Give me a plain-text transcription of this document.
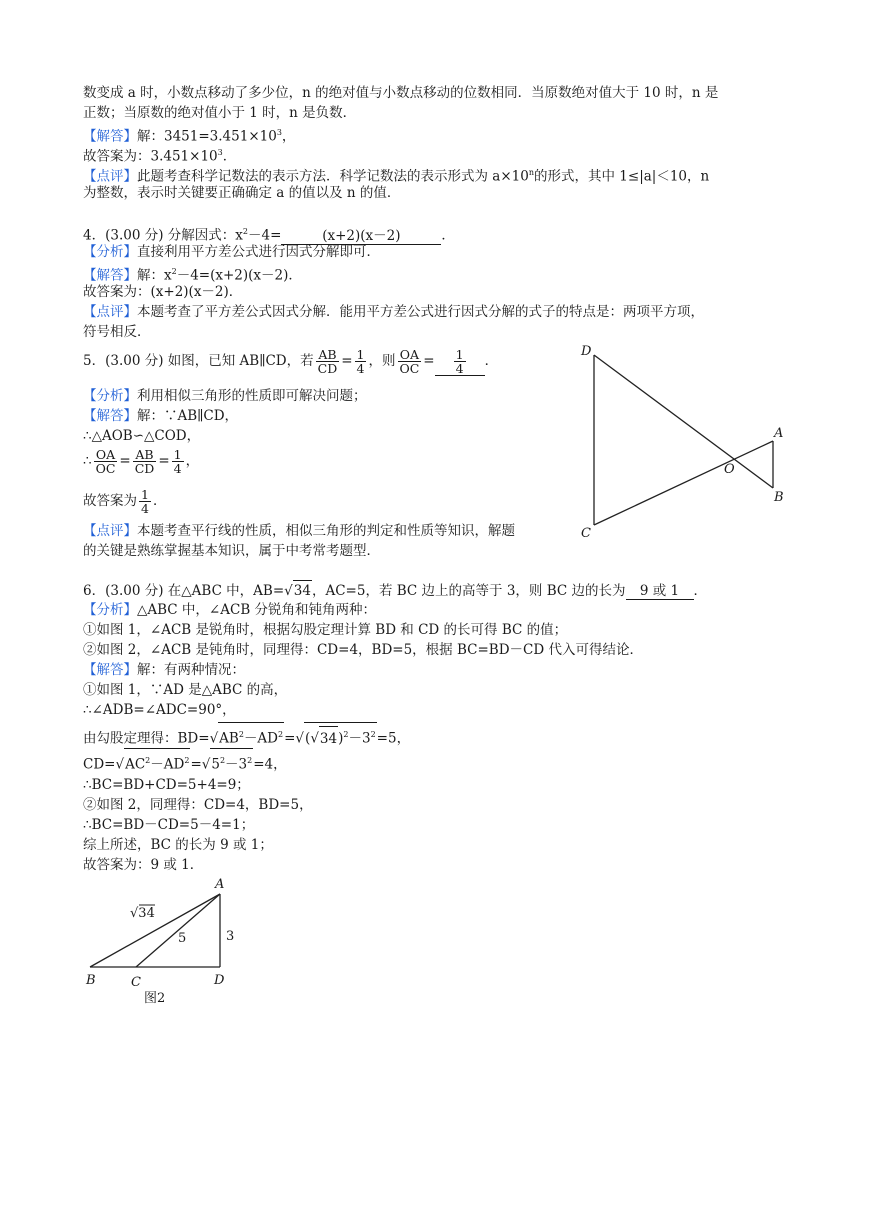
数变成 a 时，小数点移动了多少位，n 的绝对值与小数点移动的位数相同．当原数绝对值大于 10 时，n 是
正数；当原数的绝对值小于 1 时，n 是负数．
【解答】解：$3451=3.451\times 10^3$，
故答案为：$3.451\times 10^3$．
【点评】此题考查科学记数法的表示方法．科学记数法的表示形式为 $a\times 10^n$的形式，其中 1≤|a|＜10，n
为整数，表示时关键要正确确定 a 的值以及 n 的值．
4．(3.00 分) 分解因式：$x^2-4=$	(x+2)(x－2)	．
【分析】直接利用平方差公式进行因式分解即可．
【解答】解：$x^2-4=(x+2)(x-2)$．
故答案为：(x+2)(x－2)．
【点评】本题考查了平方差公式因式分解．能用平方差公式进行因式分解的式子的特点是：两项平方项，
符号相反．
5．(3.00 分) 如图，已知 AB∥CD，若 $\frac{AB}{CD} = \frac{1}{4}$ ，则 $\frac{OA}{OC} = \frac{1}{4}$ ．
【分析】利用相似三角形的性质即可解决问题；
【解答】解：∵AB∥CD，
∴△AOB∽△COD，
∴ $\frac{OA}{OC} = \frac{AB}{CD} = \frac{1}{4}$ ，
故答案为 $\frac{1}{4}$ ．
【点评】本题考查平行线的性质，相似三角形的判定和性质等知识，解题
的关键是熟练掌握基本知识，属于中考常考题型．
D
A
O
B
C
6．(3.00 分) 在△ABC 中，AB=√34，AC=5，若 BC 边上的高等于 3，则 BC 边的长为 9 或 1 ．
【分析】△ABC 中，∠ACB 分锐角和钝角两种：
①如图 1，∠ACB 是锐角时，根据勾股定理计算 BD 和 CD 的长可得 BC 的值；
②如图 2，∠ACB 是钝角时，同理得：CD=4，BD=5，根据 BC=BD－CD 代入可得结论．
【解答】解：有两种情况：
①如图 1，∵AD 是△ABC 的高，
∴∠ADB=∠ADC=90°，
由勾股定理得：$BD=√AB^2-AD^2=√(√34)^2-3^2=5$，
$CD=√AC^2-AD^2=√5^2-3^2=4$，
∴BC=BD+CD=5+4=9；
②如图 2，同理得：CD=4，BD=5，
∴BC=BD－CD=5－4=1；
综上所述，BC 的长为 9 或 1；
故答案为：9 或 1．
A
B	C	D
√34
5	3
图2
